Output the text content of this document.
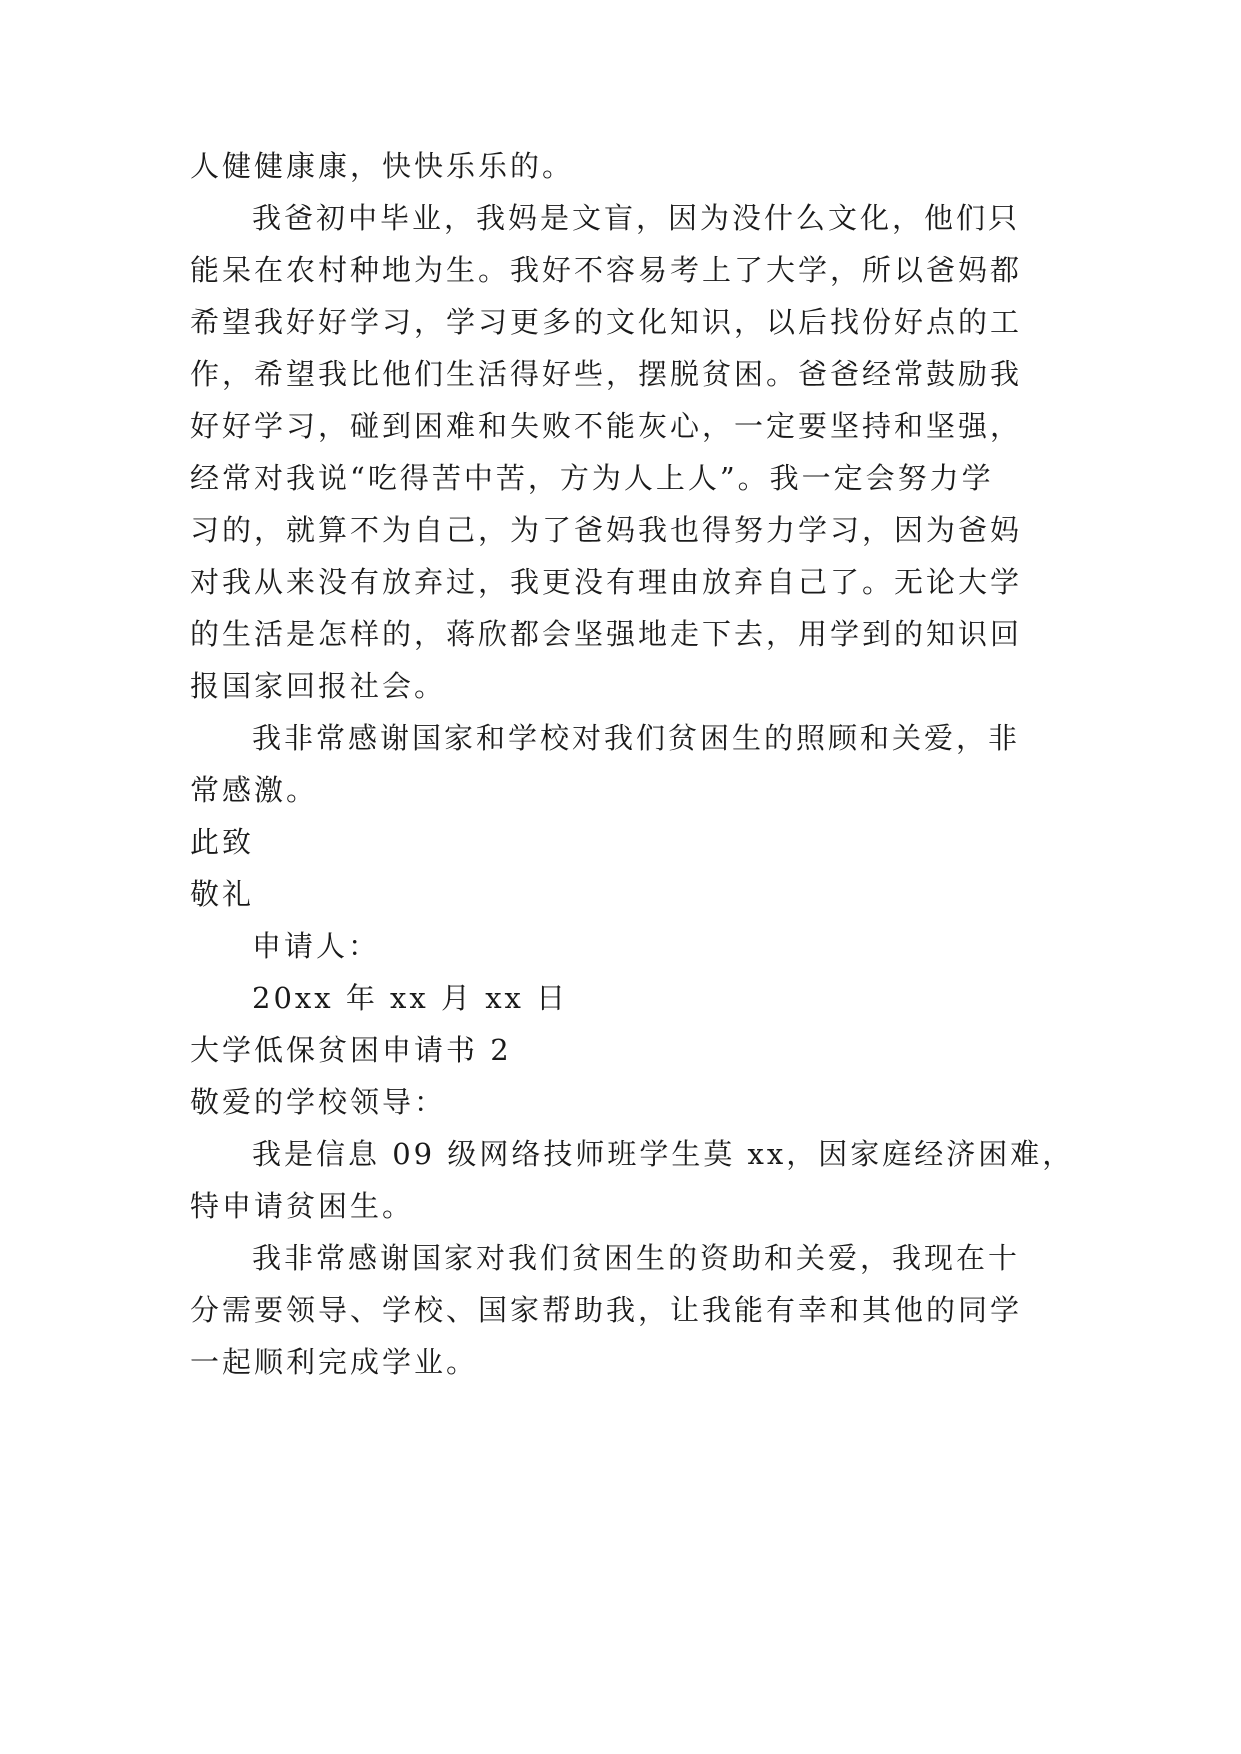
人健健康康，快快乐乐的。
我爸初中毕业，我妈是文盲，因为没什么文化，他们只
能呆在农村种地为生。我好不容易考上了大学，所以爸妈都
希望我好好学习，学习更多的文化知识，以后找份好点的工
作，希望我比他们生活得好些，摆脱贫困。爸爸经常鼓励我
好好学习，碰到困难和失败不能灰心，一定要坚持和坚强，
经常对我说“吃得苦中苦，方为人上人”。我一定会努力学
习的，就算不为自己，为了爸妈我也得努力学习，因为爸妈
对我从来没有放弃过，我更没有理由放弃自己了。无论大学
的生活是怎样的，蒋欣都会坚强地走下去，用学到的知识回
报国家回报社会。
我非常感谢国家和学校对我们贫困生的照顾和关爱，非
常感激。
此致
敬礼
申请人：
20xx 年 xx 月 xx 日
大学低保贫困申请书 2
敬爱的学校领导：
我是信息 09 级网络技师班学生莫 xx，因家庭经济困难，
特申请贫困生。
我非常感谢国家对我们贫困生的资助和关爱，我现在十
分需要领导、学校、国家帮助我，让我能有幸和其他的同学
一起顺利完成学业。
